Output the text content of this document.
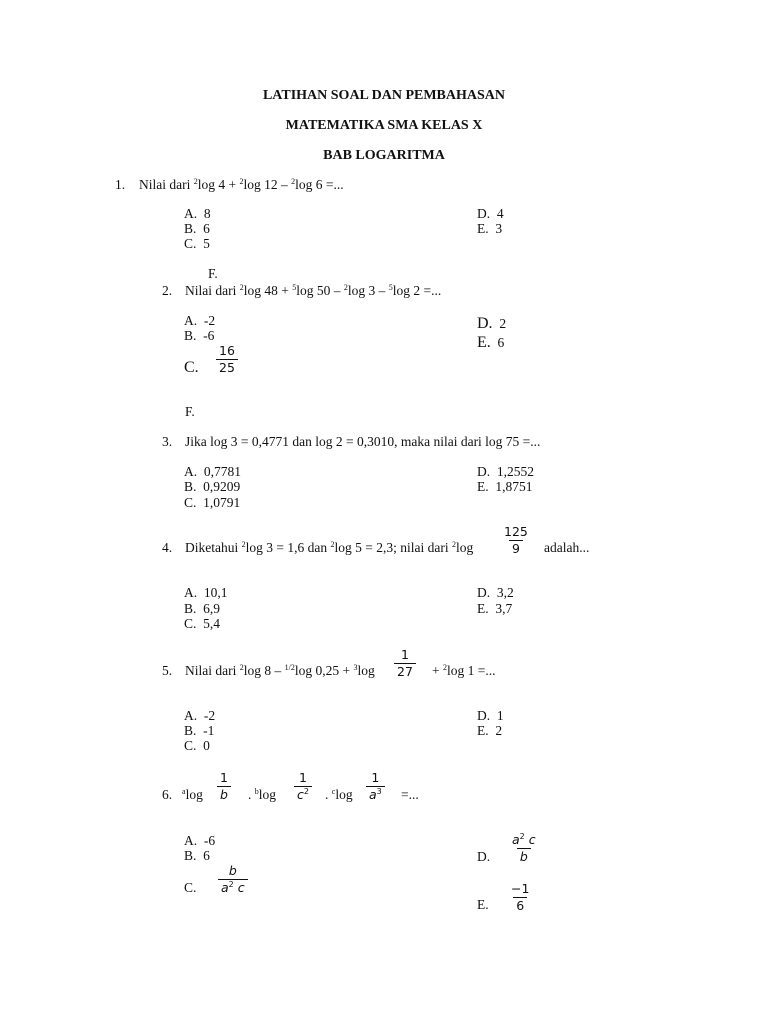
LATIHAN SOAL DAN PEMBAHASAN
MATEMATIKA SMA KELAS X
BAB LOGARITMA
1. Nilai dari $^2$log 4 + $^2$log 12 – $^2$log 6 =...
A. 8
B. 6
C. 5
D. 4
E. 3
F.
2. Nilai dari $^2$log 48 + $^5$log 50 – $^2$log 3 – $^5$log 2 =...
A. -2
B. -6
C. $\frac{16}{25}$
D. 2
E. 6
F.
3. Jika log 3 = 0,4771 dan log 2 = 0,3010, maka nilai dari log 75 =...
A. 0,7781
B. 0,9209
C. 1,0791
D. 1,2552
E. 1,8751
4. Diketahui $^2$log 3 = 1,6 dan $^2$log 5 = 2,3; nilai dari $^2\log \frac{125}{9}$ adalah...
A. 10,1
B. 6,9
C. 5,4
D. 3,2
E. 3,7
5. Nilai dari $^2$log 8 – $^{1/2}$log $0,25 + ^3\log \frac{1}{27} + ^2\log$ 1 =...
A. -2
B. -1
C. 0
D. 1
E. 2
6. $^a\log \frac{1}{b}$ . $^b\log \frac{1}{c^2}$ . $^c\log \frac{1}{a^3}$ =...
A. -6
B. 6
C. $\frac{b}{a^2 c}$
D. $\frac{a^2 c}{b}$
E. $\frac{-1}{6}$
